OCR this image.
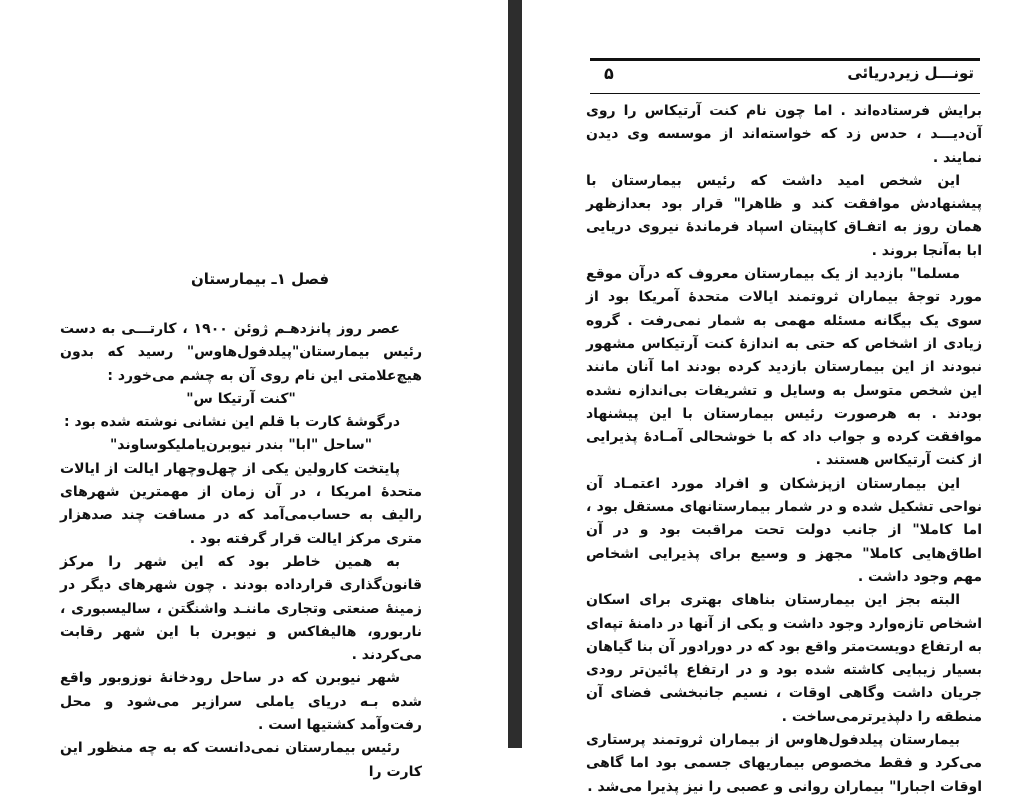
فصل ۱ـ بیمارستان

عصر روز پانزدهـم ژوئن ۱۹۰۰ ، کارتـــی به دست رئیس بیمارستان"پیلدفول‌هاوس" رسید که بدون هیچ‌علامتی این نام روی آن به چشم می‌خورد :

"کنت آرتیکا س"

درگوشه‌ٔ کارت با قلم این نشانی نوشته شده بود :

"ساحل "ابا" بندر نیوبرن‌یاملیکوساوند"

پایتخت کارولین یکی از چهل‌وچهار ایالت از ایالات متحده‌ٔ امریکا ، در آن زمان از مهمترین شهرهای رالیف به حساب‌می‌آمد که در مسافت چند صدهزار متری مرکز ایالت قرار گرفته بود .

به همین خاطر بود که این شهر را مرکز قانون‌گذاری قرارداده بودند . چون شهرهای دیگر در زمینه‌ٔ صنعتی وتجاری ماننـد واشنگتن ، سالیسبوری ، ناربورو، هالیفاکس و نیوبرن با این شهر رقابت می‌کردند .

شهر نیوبرن که در ساحل رودخانه‌ٔ نوزوبور واقع شده بـه دریای یاملی سرازیر می‌شود و محل رفت‌وآمد کشتیها است .

رئیس بیمارستان نمی‌دانست که به چه منظور این کارت را

تونـــل زیردریائی
۵

برایش فرستاده‌اند . اما چون نام کنت آرتیکاس را روی آن‌دیـــد ، حدس زد که خواسته‌اند از موسسه وی دیدن نمایند .

این شخص امید داشت که رئیس بیمارستان با پیشنهادش موافقت کند و ظاهرا" قرار بود بعدازظهر همان روز به اتفـاق کاپیتان اسپاد فرمانده‌ٔ نیروی دریایی ابا به‌آنجا بروند .

مسلما" بازدید از یک بیمارستان معروف که درآن موقع مورد توجه‌ٔ بیماران ثروتمند ایالات متحده‌ٔ آمریکا بود از سوی یک بیگانه مسئله مهمی به شمار نمی‌رفت . گروه زیادی از اشخاص که حتی به اندازه‌ٔ کنت آرتیکاس مشهور نبودند از این بیمارستان بازدید کرده بودند اما آنان مانند این شخص متوسل به وسایل و تشریفات بی‌اندازه نشده بودند . به هرصورت رئیس بیمارستان با این پیشنهاد موافقت کرده و جواب داد که با خوشحالی آمـاده‌ٔ پذیرایی از کنت آرتیکاس هستند .

این بیمارستان ازپزشکان و افراد مورد اعتمـاد آن نواحی تشکیل شده و در شمار بیمارستانهای مستقل بود ، اما کاملا" از جانب دولت تحت مراقبت بود و در آن اطاق‌هایی کاملا" مجهز و وسیع برای پذیرایی اشخاص مهم وجود داشت .

البته بجز این بیمارستان بناهای بهتری برای اسکان اشخاص تازه‌وارد وجود داشت و یکی از آنها در دامنه‌ٔ تپه‌ای به ارتفاع دویست‌متر واقع بود که در دورادور آن بنا گیاهان بسیار زیبایی کاشته شده بود و در ارتفاع پائین‌تر رودی جریان داشت وگاهی اوقات ، نسیم جانبخشی فضای آن منطقه را دلپذیرترمی‌ساخت .

بیمارستان پیلدفول‌هاوس از بیماران ثروتمند پرستاری می‌کرد و فقط مخصوص بیماریهای جسمی بود اما گاهی اوقات اجبارا" بیماران روانی و عصبی را نیز پذیرا می‌شد .
